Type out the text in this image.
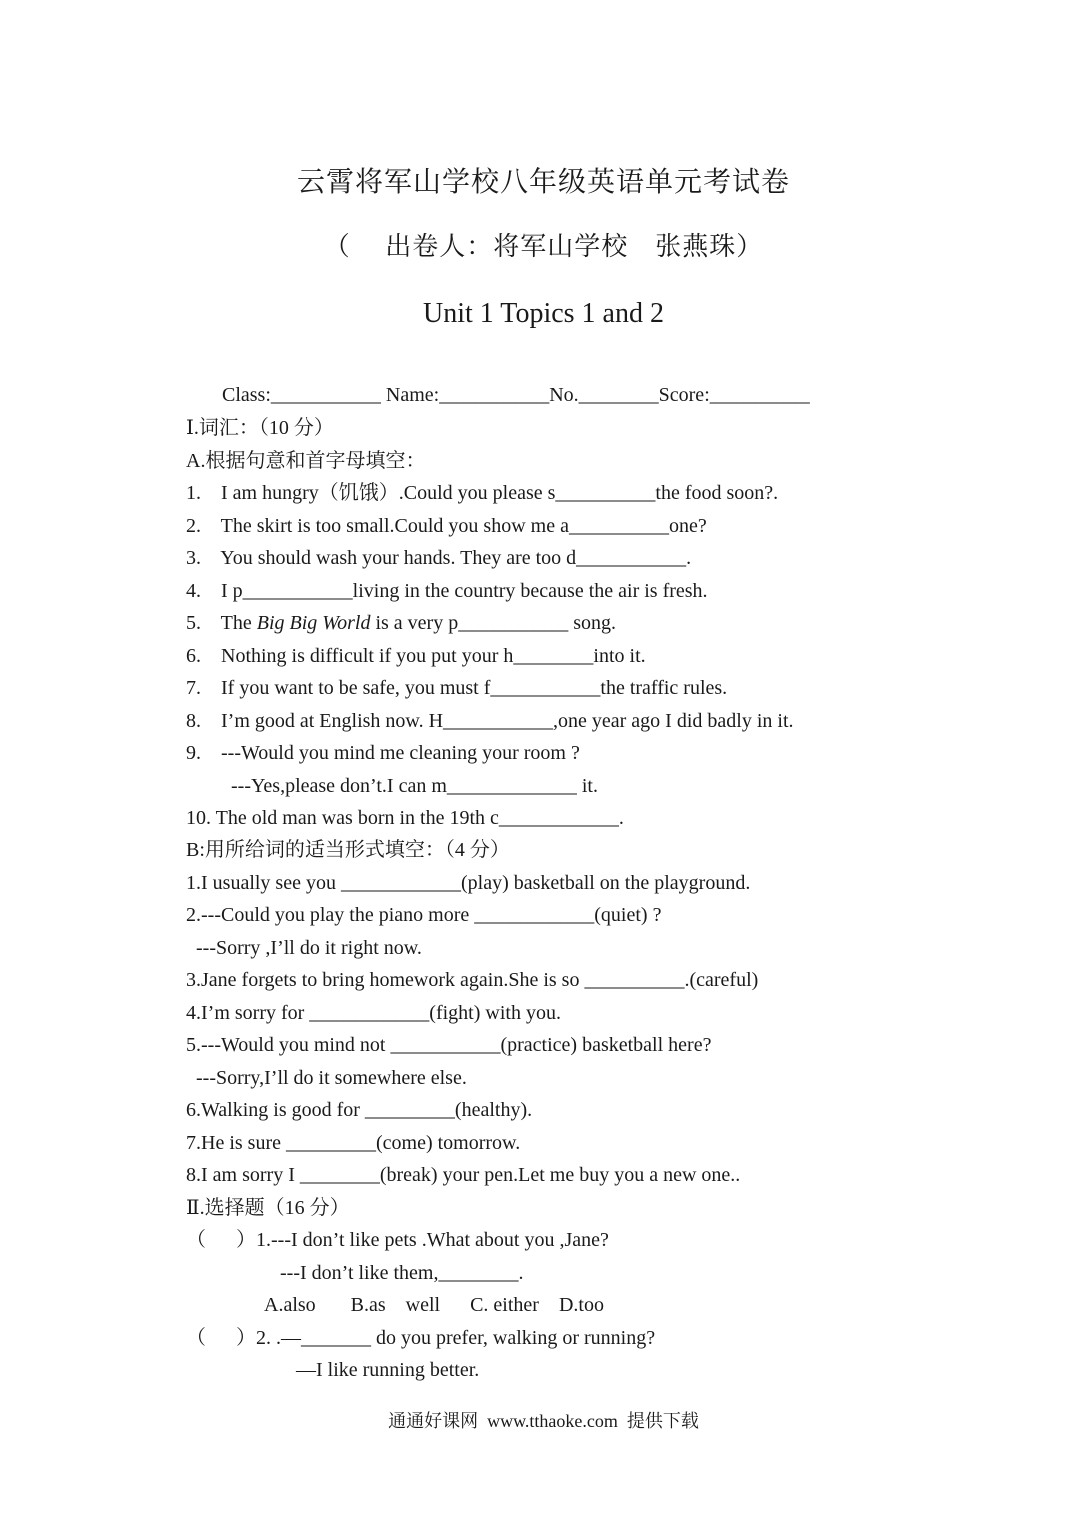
云霄将军山学校八年级英语单元考试卷
（　 出卷人：将军山学校　张燕珠）
Unit 1 Topics 1 and 2
Class:___________ Name:___________No.________Score:__________
Ⅰ.词汇：（10 分）
A.根据句意和首字母填空：
1.    I am hungry（饥饿）.Could you please s__________the food soon?.
2.    The skirt is too small.Could you show me a__________one?
3.    You should wash your hands. They are too d___________.
4.    I p___________living in the country because the air is fresh.
5.    The Big Big World is a very p___________ song.
6.    Nothing is difficult if you put your h________into it.
7.    If you want to be safe, you must f___________the traffic rules.
8.    I’m good at English now. H___________,one year ago I did badly in it.
9.    ---Would you mind me cleaning your room ?
---Yes,please don’t.I can m_____________ it.
10. The old man was born in the 19th c____________.
B:用所给词的适当形式填空：（4 分）
1.I usually see you ____________(play) basketball on the playground.
2.---Could you play the piano more ____________(quiet) ?
---Sorry ,I’ll do it right now.
3.Jane forgets to bring homework again.She is so __________.(careful)
4.I’m sorry for ____________(fight) with you.
5.---Would you mind not ___________(practice) basketball here?
---Sorry,I’ll do it somewhere else.
6.Walking is good for _________(healthy).
7.He is sure _________(come) tomorrow.
8.I am sorry I ________(break) your pen.Let me buy you a new one..
Ⅱ.选择题（16 分）
（　  ）1.---I don’t like pets .What about you ,Jane?
---I don’t like them,________.
A.also       B.as    well      C. either    D.too
（　  ）2. .—_______ do you prefer, walking or running?
—I like running better.
通通好课网  www.tthaoke.com  提供下载
